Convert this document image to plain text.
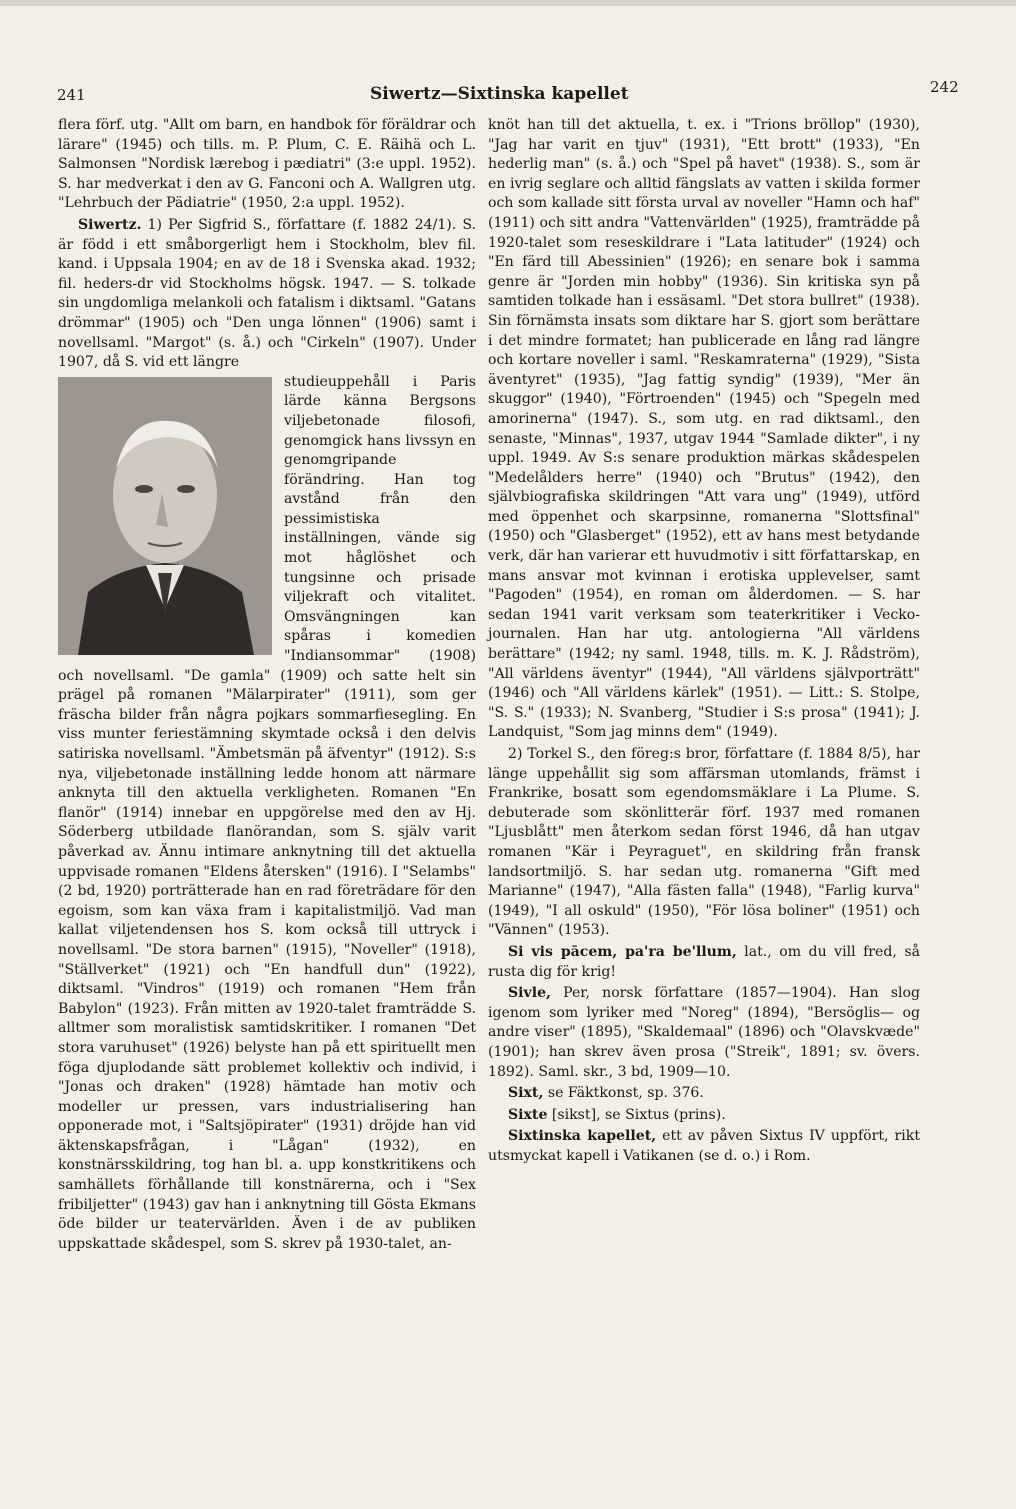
241	Siwertz—Sixtinska kapellet	242

flera förf. utg. "Allt om barn, en handbok för föräldrar och lärare" (1945) och tills. m. P. Plum, C. E. Räihä och L. Salmonsen "Nordisk lærebog i pædiatri" (3:e uppl. 1952). S. har medverkat i den av G. Fanconi och A. Wallgren utg. "Lehrbuch der Pädiatrie" (1950, 2:a uppl. 1952).

Siwertz. 1) Per Sigfrid S., författare (f. 1882 24/1). S. är född i ett småborgerligt hem i Stockholm, blev fil. kand. i Uppsala 1904; en av de 18 i Svenska akad. 1932; fil. heders-dr vid Stockholms högsk. 1947. — S. tolkade sin ungdomliga melankoli och fatalism i diktsaml. "Gatans drömmar" (1905) och "Den unga lönnen" (1906) samt i novellsaml. "Margot" (s. å.) och "Cirkeln" (1907). Under 1907, då S. vid ett längre

studieuppehåll i Paris lärde känna Bergsons viljebetonade filosofi, genomgick hans livssyn en genomgripande förändring. Han tog avstånd från den pessimistiska inställningen, vände sig mot håglöshet och tungsinne och prisade viljekraft och vitalitet. Omsvängningen kan spåras i komedien "Indiansommar" (1908) och novellsaml. "De gamla" (1909) och satte helt sin prägel på romanen "Mälarpirater" (1911), som ger fräscha bilder från några pojkars sommarfiesegling. En viss munter feriestämning skymtade också i den delvis satiriska novellsaml. "Ämbetsmän på äfventyr" (1912). S:s nya, viljebetonade inställning ledde honom att närmare anknyta till den aktuella verkligheten. Romanen "En flanör" (1914) innebar en uppgörelse med den av Hj. Söderberg utbildade flanörandan, som S. själv varit påverkad av. Ännu intimare anknytning till det aktuella uppvisade romanen "Eldens återsken" (1916). I "Selambs" (2 bd, 1920) porträtterade han en rad företrädare för den egoism, som kan växa fram i kapitalistmiljö. Vad man kallat viljetendensen hos S. kom också till uttryck i novellsaml. "De stora barnen" (1915), "Noveller" (1918), "Ställverket" (1921) och "En handfull dun" (1922), diktsaml. "Vindros" (1919) och romanen "Hem från Babylon" (1923). Från mitten av 1920-talet framträdde S. alltmer som moralistisk samtidskritiker. I romanen "Det stora varuhuset" (1926) belyste han på ett spirituellt men föga djuplodande sätt problemet kollektiv och individ, i "Jonas och draken" (1928) hämtade han motiv och modeller ur pressen, vars industrialisering han opponerade mot, i "Saltsjöpirater" (1931) dröjde han vid äktenskapsfrågan, i "Lågan" (1932), en konstnärsskildring, tog han bl. a. upp konstkritikens och samhällets förhållande till konstnärerna, och i "Sex fribiljetter" (1943) gav han i anknytning till Gösta Ekmans öde bilder ur teatervärlden. Även i de av publiken uppskattade skådespel, som S. skrev på 1930-talet, an-

knöt han till det aktuella, t. ex. i "Trions bröllop" (1930), "Jag har varit en tjuv" (1931), "Ett brott" (1933), "En hederlig man" (s. å.) och "Spel på havet" (1938). S., som är en ivrig seglare och alltid fängslats av vatten i skilda former och som kallade sitt första urval av noveller "Hamn och haf" (1911) och sitt andra "Vattenvärlden" (1925), framträdde på 1920-talet som reseskildrare i "Lata latituder" (1924) och "En färd till Abessinien" (1926); en senare bok i samma genre är "Jorden min hobby" (1936). Sin kritiska syn på samtiden tolkade han i essäsaml. "Det stora bullret" (1938). Sin förnämsta insats som diktare har S. gjort som berättare i det mindre formatet; han publicerade en lång rad längre och kortare noveller i saml. "Reskamraterna" (1929), "Sista äventyret" (1935), "Jag fattig syndig" (1939), "Mer än skuggor" (1940), "Förtroenden" (1945) och "Spegeln med amorinerna" (1947). S., som utg. en rad diktsaml., den senaste, "Minnas", 1937, utgav 1944 "Samlade dikter", i ny uppl. 1949. Av S:s senare produktion märkas skådespelen "Medelålders herre" (1940) och "Brutus" (1942), den självbiografiska skildringen "Att vara ung" (1949), utförd med öppenhet och skarpsinne, romanerna "Slottsfinal" (1950) och "Glasberget" (1952), ett av hans mest betydande verk, där han varierar ett huvudmotiv i sitt författarskap, en mans ansvar mot kvinnan i erotiska upplevelser, samt "Pagoden" (1954), en roman om ålderdomen. — S. har sedan 1941 varit verksam som teaterkritiker i Vecko-journalen. Han har utg. antologierna "All världens berättare" (1942; ny saml. 1948, tills. m. K. J. Rådström), "All världens äventyr" (1944), "All världens självporträtt" (1946) och "All världens kärlek" (1951). — Litt.: S. Stolpe, "S. S." (1933); N. Svanberg, "Studier i S:s prosa" (1941); J. Landquist, "Som jag minns dem" (1949).

2) Torkel S., den föreg:s bror, författare (f. 1884 8/5), har länge uppehållit sig som affärsman utomlands, främst i Frankrike, bosatt som egendomsmäklare i La Plume. S. debuterade som skönlitterär förf. 1937 med romanen "Ljusblått" men återkom sedan först 1946, då han utgav romanen "Kär i Peyraguet", en skildring från fransk landsortmiljö. S. har sedan utg. romanerna "Gift med Marianne" (1947), "Alla fästen falla" (1948), "Farlig kurva" (1949), "I all oskuld" (1950), "För lösa boliner" (1951) och "Vännen" (1953).

Si vis pācem, pa'ra be'llum, lat., om du vill fred, så rusta dig för krig!

Sivle, Per, norsk författare (1857—1904). Han slog igenom som lyriker med "Noreg" (1894), "Bersöglis— og andre viser" (1895), "Skaldemaal" (1896) och "Olavskvæde" (1901); han skrev även prosa ("Streik", 1891; sv. övers. 1892). Saml. skr., 3 bd, 1909—10.

Sixt, se Fäktkonst, sp. 376.

Sixte [sikst], se Sixtus (prins).

Sixtinska kapellet, ett av påven Sixtus IV uppfört, rikt utsmyckat kapell i Vatikanen (se d. o.) i Rom.
